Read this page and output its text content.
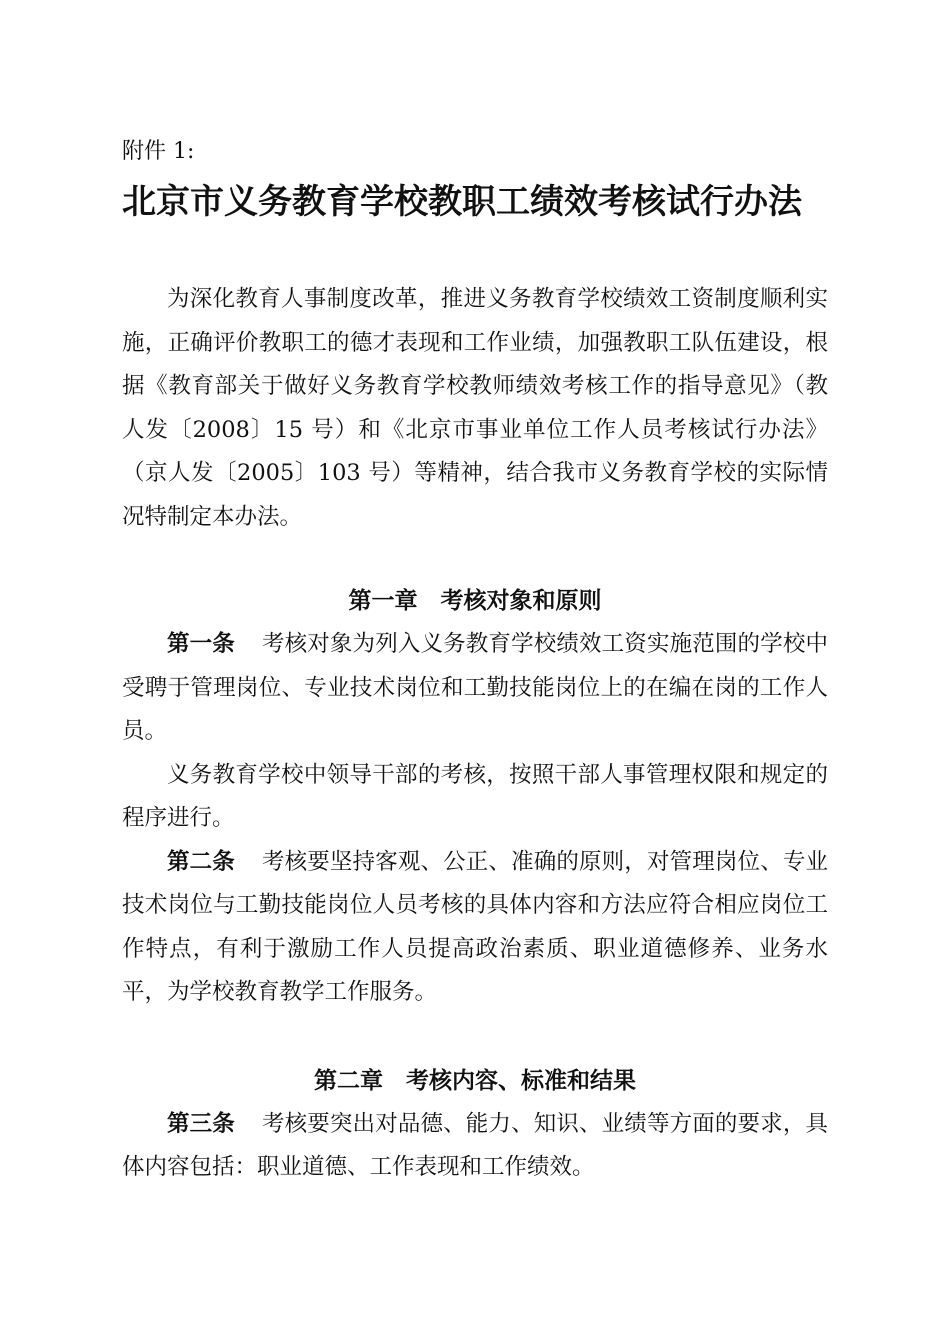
附件 1:

北京市义务教育学校教职工绩效考核试行办法

为深化教育人事制度改革，推进义务教育学校绩效工资制度顺利实施，正确评价教职工的德才表现和工作业绩，加强教职工队伍建设，根据《教育部关于做好义务教育学校教师绩效考核工作的指导意见》（教人发〔2008〕15 号）和《北京市事业单位工作人员考核试行办法》（京人发〔2005〕103 号）等精神，结合我市义务教育学校的实际情况特制定本办法。

第一章　考核对象和原则

第一条 考核对象为列入义务教育学校绩效工资实施范围的学校中受聘于管理岗位、专业技术岗位和工勤技能岗位上的在编在岗的工作人员。

义务教育学校中领导干部的考核，按照干部人事管理权限和规定的程序进行。

第二条 考核要坚持客观、公正、准确的原则，对管理岗位、专业技术岗位与工勤技能岗位人员考核的具体内容和方法应符合相应岗位工作特点，有利于激励工作人员提高政治素质、职业道德修养、业务水平，为学校教育教学工作服务。

第二章　考核内容、标准和结果

第三条 考核要突出对品德、能力、知识、业绩等方面的要求，具体内容包括：职业道德、工作表现和工作绩效。
